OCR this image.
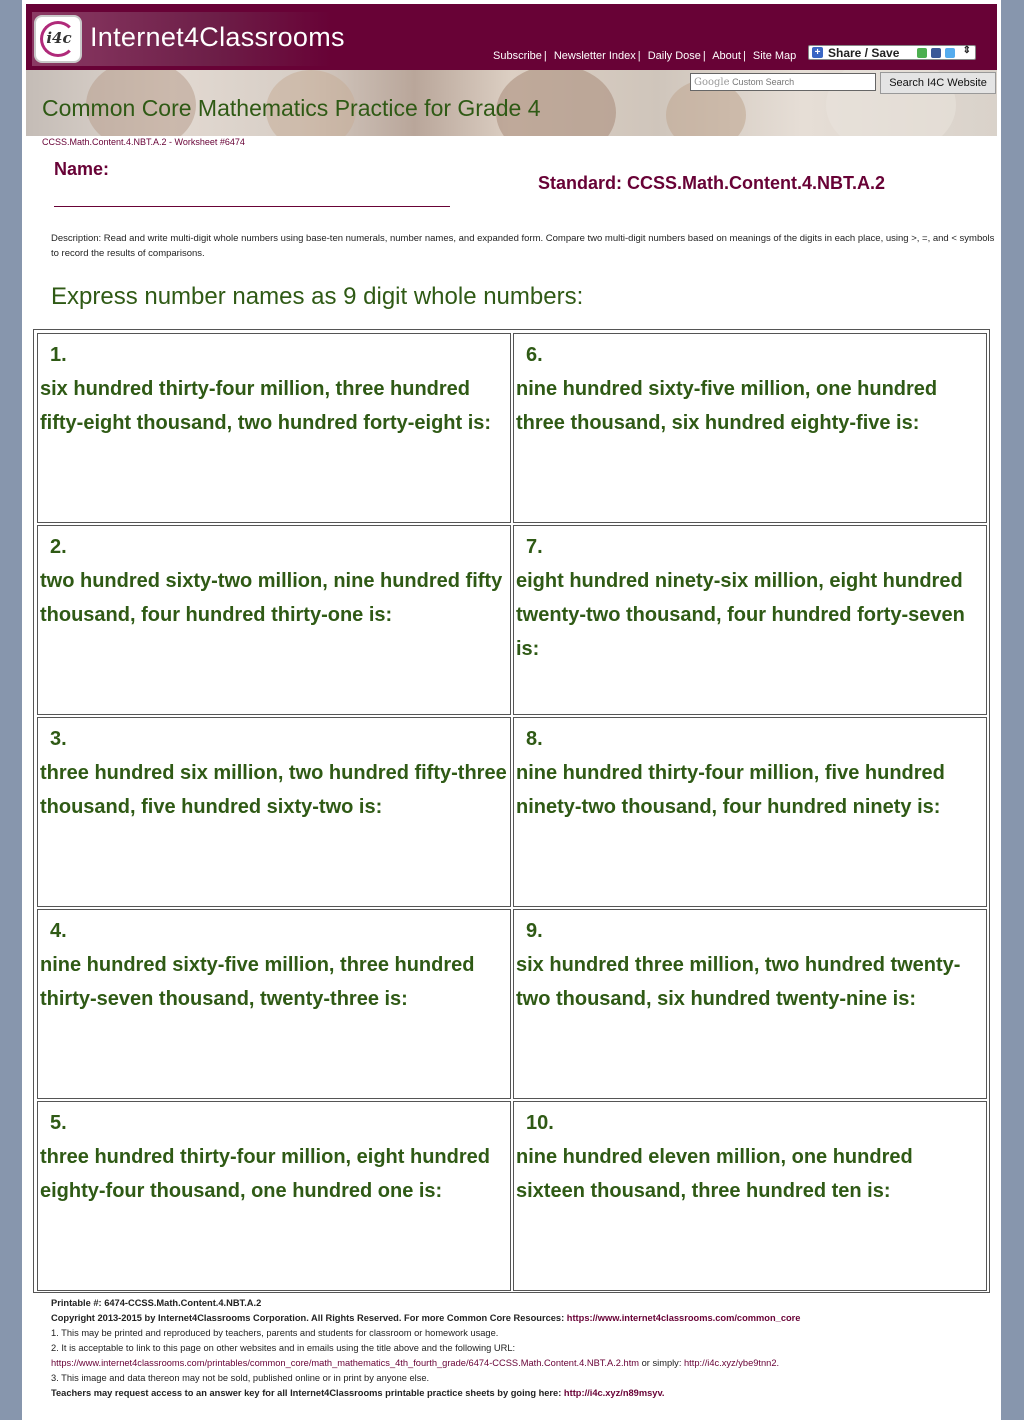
i4c Internet4Classrooms
Subscribe | Newsletter Index | Daily Dose | About | Site Map + Share / Save	⇕
Google Custom Search	Search I4C Website
Common Core Mathematics Practice for Grade 4
CCSS.Math.Content.4.NBT.A.2 - Worksheet #6474
Name:
Standard: CCSS.Math.Content.4.NBT.A.2
Description: Read and write multi-digit whole numbers using base-ten numerals, number names, and expanded form. Compare two multi-digit numbers based on meanings of the digits in each place, using >, =, and < symbols to record the results of comparisons.
Express number names as 9 digit whole numbers:
1.
six hundred thirty-four million, three hundred fifty-eight thousand, two hundred forty-eight is:
6.
nine hundred sixty-five million, one hundred three thousand, six hundred eighty-five is:
2.
two hundred sixty-two million, nine hundred fifty thousand, four hundred thirty-one is:
7.
eight hundred ninety-six million, eight hundred twenty-two thousand, four hundred forty-seven is:
3.
three hundred six million, two hundred fifty-three thousand, five hundred sixty-two is:
8.
nine hundred thirty-four million, five hundred ninety-two thousand, four hundred ninety is:
4.
nine hundred sixty-five million, three hundred thirty-seven thousand, twenty-three is:
9.
six hundred three million, two hundred twenty-two thousand, six hundred twenty-nine is:
5.
three hundred thirty-four million, eight hundred eighty-four thousand, one hundred one is:
10.
nine hundred eleven million, one hundred sixteen thousand, three hundred ten is:
Printable #: 6474-CCSS.Math.Content.4.NBT.A.2
Copyright 2013-2015 by Internet4Classrooms Corporation. All Rights Reserved. For more Common Core Resources: https://www.internet4classrooms.com/common_core
1. This may be printed and reproduced by teachers, parents and students for classroom or homework usage.
2. It is acceptable to link to this page on other websites and in emails using the title above and the following URL:
https://www.internet4classrooms.com/printables/common_core/math_mathematics_4th_fourth_grade/6474-CCSS.Math.Content.4.NBT.A.2.htm or simply: http://i4c.xyz/ybe9tnn2.
3. This image and data thereon may not be sold, published online or in print by anyone else.
Teachers may request access to an answer key for all Internet4Classrooms printable practice sheets by going here: http://i4c.xyz/n89msyv.
